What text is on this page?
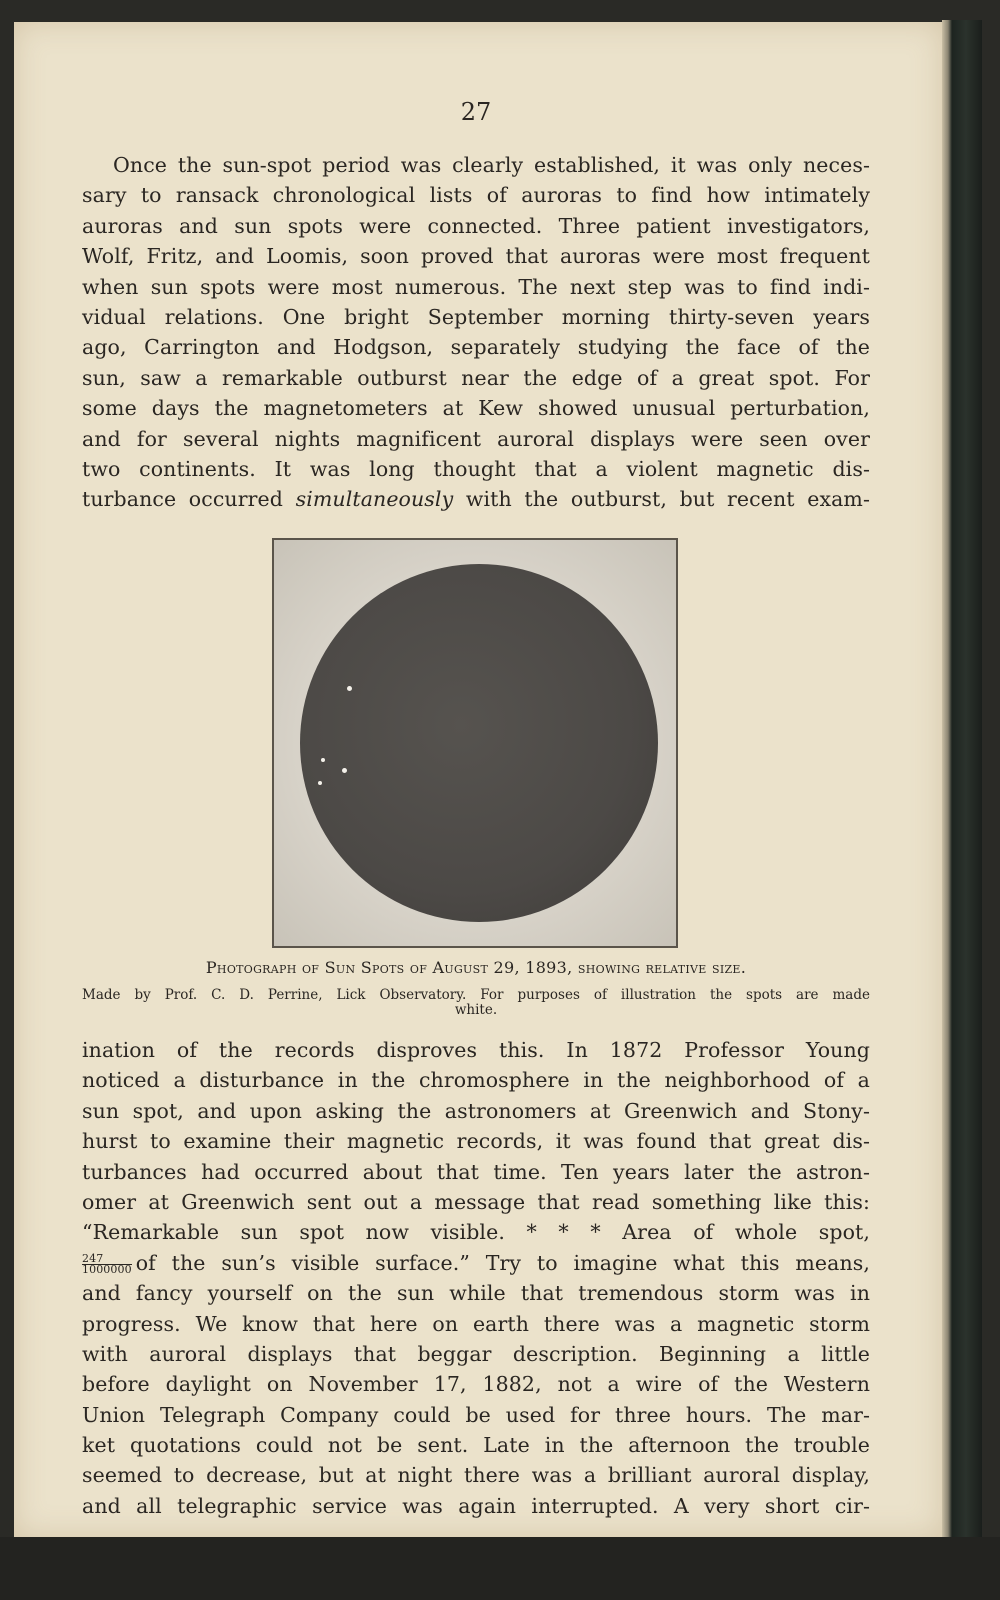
27
Once the sun-spot period was clearly established, it was only neces-
sary to ransack chronological lists of auroras to find how intimately
auroras and sun spots were connected. Three patient investigators,
Wolf, Fritz, and Loomis, soon proved that auroras were most frequent
when sun spots were most numerous. The next step was to find indi-
vidual relations. One bright September morning thirty-seven years
ago, Carrington and Hodgson, separately studying the face of the
sun, saw a remarkable outburst near the edge of a great spot. For
some days the magnetometers at Kew showed unusual perturbation,
and for several nights magnificent auroral displays were seen over
two continents. It was long thought that a violent magnetic dis-
turbance occurred simultaneously with the outburst, but recent exam-
Photograph of Sun Spots of August 29, 1893, showing relative size.
Made by Prof. C. D. Perrine, Lick Observatory. For purposes of illustration the spots are made
white.
ination of the records disproves this. In 1872 Professor Young
noticed a disturbance in the chromosphere in the neighborhood of a
sun spot, and upon asking the astronomers at Greenwich and Stony-
hurst to examine their magnetic records, it was found that great dis-
turbances had occurred about that time. Ten years later the astron-
omer at Greenwich sent out a message that read something like this:
“Remarkable sun spot now visible. * * * Area of whole spot,
$\frac{247}{1000000}$ of the sun’s visible surface.” Try to imagine what this means,
and fancy yourself on the sun while that tremendous storm was in
progress. We know that here on earth there was a magnetic storm
with auroral displays that beggar description. Beginning a little
before daylight on November 17, 1882, not a wire of the Western
Union Telegraph Company could be used for three hours. The mar-
ket quotations could not be sent. Late in the afternoon the trouble
seemed to decrease, but at night there was a brilliant auroral display,
and all telegraphic service was again interrupted. A very short cir-
